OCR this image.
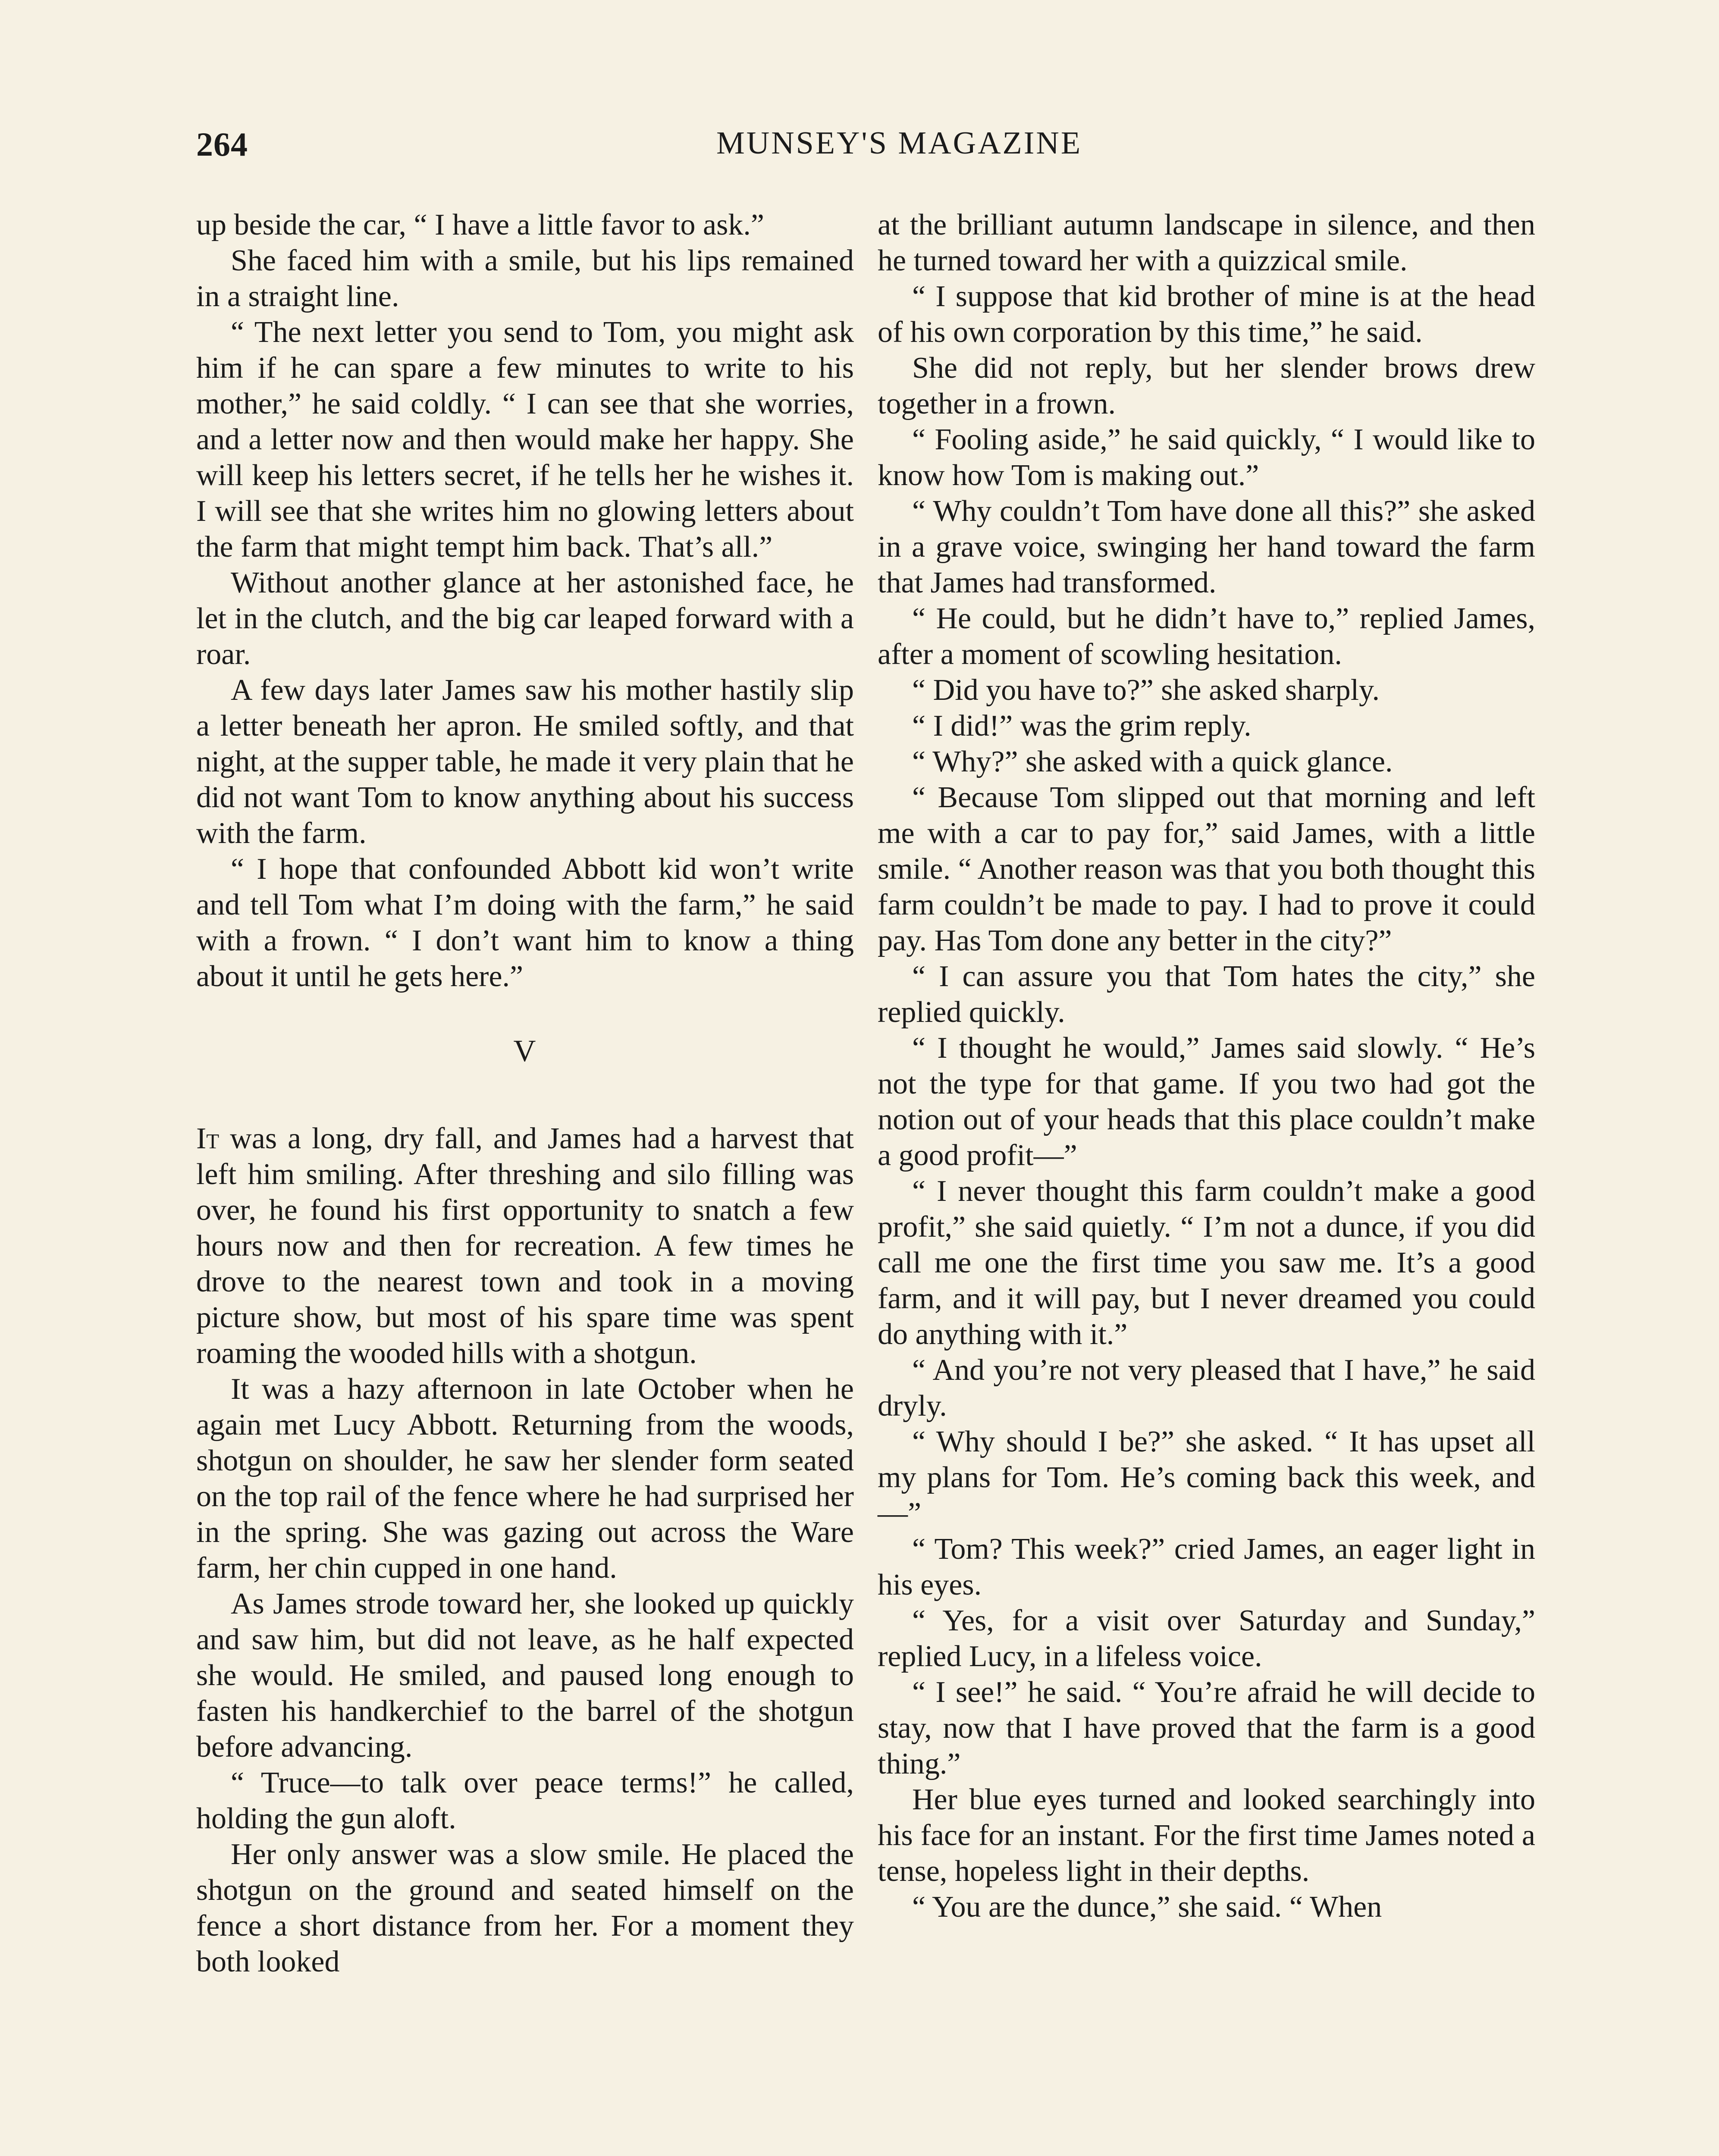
264	MUNSEY'S MAGAZINE

up beside the car, “ I have a little favor to ask.”

She faced him with a smile, but his lips remained in a straight line.

“ The next letter you send to Tom, you might ask him if he can spare a few minutes to write to his mother,” he said coldly. “ I can see that she worries, and a letter now and then would make her happy. She will keep his letters secret, if he tells her he wishes it. I will see that she writes him no glowing letters about the farm that might tempt him back. That’s all.”

Without another glance at her astonished face, he let in the clutch, and the big car leaped forward with a roar.

A few days later James saw his mother hastily slip a letter beneath her apron. He smiled softly, and that night, at the supper table, he made it very plain that he did not want Tom to know anything about his success with the farm.

“ I hope that confounded Abbott kid won’t write and tell Tom what I’m doing with the farm,” he said with a frown. “ I don’t want him to know a thing about it until he gets here.”

V

It was a long, dry fall, and James had a harvest that left him smiling. After threshing and silo filling was over, he found his first opportunity to snatch a few hours now and then for recreation. A few times he drove to the nearest town and took in a moving picture show, but most of his spare time was spent roaming the wooded hills with a shotgun.

It was a hazy afternoon in late October when he again met Lucy Abbott. Returning from the woods, shotgun on shoulder, he saw her slender form seated on the top rail of the fence where he had surprised her in the spring. She was gazing out across the Ware farm, her chin cupped in one hand.

As James strode toward her, she looked up quickly and saw him, but did not leave, as he half expected she would. He smiled, and paused long enough to fasten his handkerchief to the barrel of the shotgun before advancing.

“ Truce—to talk over peace terms!” he called, holding the gun aloft.

Her only answer was a slow smile. He placed the shotgun on the ground and seated himself on the fence a short distance from her. For a moment they both looked

at the brilliant autumn landscape in silence, and then he turned toward her with a quizzical smile.

“ I suppose that kid brother of mine is at the head of his own corporation by this time,” he said.

She did not reply, but her slender brows drew together in a frown.

“ Fooling aside,” he said quickly, “ I would like to know how Tom is making out.”

“ Why couldn’t Tom have done all this?” she asked in a grave voice, swinging her hand toward the farm that James had transformed.

“ He could, but he didn’t have to,” replied James, after a moment of scowling hesitation.

“ Did you have to?” she asked sharply.

“ I did!” was the grim reply.

“ Why?” she asked with a quick glance.

“ Because Tom slipped out that morning and left me with a car to pay for,” said James, with a little smile. “ Another reason was that you both thought this farm couldn’t be made to pay. I had to prove it could pay. Has Tom done any better in the city?”

“ I can assure you that Tom hates the city,” she replied quickly.

“ I thought he would,” James said slowly. “ He’s not the type for that game. If you two had got the notion out of your heads that this place couldn’t make a good profit—”

“ I never thought this farm couldn’t make a good profit,” she said quietly. “ I’m not a dunce, if you did call me one the first time you saw me. It’s a good farm, and it will pay, but I never dreamed you could do anything with it.”

“ And you’re not very pleased that I have,” he said dryly.

“ Why should I be?” she asked. “ It has upset all my plans for Tom. He’s coming back this week, and—”

“ Tom? This week?” cried James, an eager light in his eyes.

“ Yes, for a visit over Saturday and Sunday,” replied Lucy, in a lifeless voice.

“ I see!” he said. “ You’re afraid he will decide to stay, now that I have proved that the farm is a good thing.”

Her blue eyes turned and looked searchingly into his face for an instant. For the first time James noted a tense, hopeless light in their depths.

“ You are the dunce,” she said. “ When
